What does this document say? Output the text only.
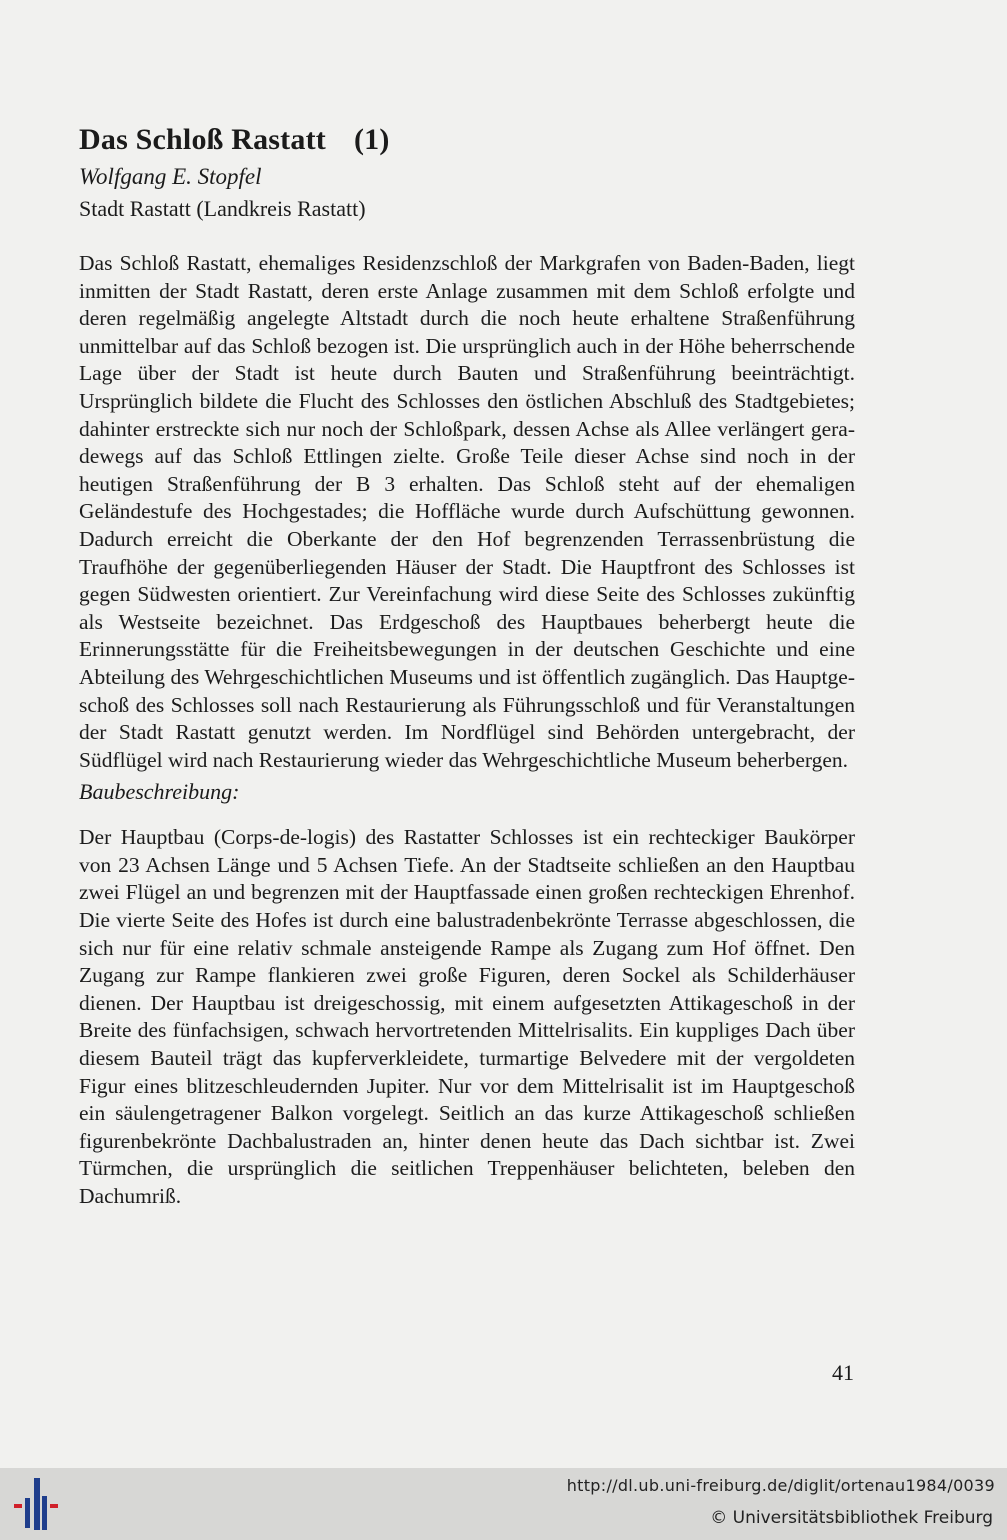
Das Schloß Rastatt (1)

Wolfgang E. Stopfel

Stadt Rastatt (Landkreis Rastatt)

Das Schloß Rastatt, ehemaliges Residenzschloß der Markgrafen von Baden-Baden, liegt inmitten der Stadt Rastatt, deren erste Anlage zusammen mit dem Schloß erfolgte und deren regelmäßig angelegte Altstadt durch die noch heute erhaltene Straßenführung unmittelbar auf das Schloß bezogen ist. Die ursprünglich auch in der Höhe beherrschende Lage über der Stadt ist heute durch Bauten und Straßenführung beeinträchtigt. Ursprünglich bildete die Flucht des Schlosses den östlichen Abschluß des Stadtgebietes; dahinter erstreckte sich nur noch der Schloßpark, dessen Achse als Allee verlängert geradewegs auf das Schloß Ettlingen zielte. Große Teile dieser Achse sind noch in der heutigen Straßenführung der B 3 erhalten. Das Schloß steht auf der ehemaligen Geländestufe des Hochgestades; die Hoffläche wurde durch Aufschüttung gewonnen. Dadurch erreicht die Oberkante der den Hof begrenzenden Terrassenbrüstung die Traufhöhe der gegenüberliegenden Häuser der Stadt. Die Hauptfront des Schlosses ist gegen Südwesten orientiert. Zur Vereinfachung wird diese Seite des Schlosses zukünftig als Westseite bezeichnet. Das Erdgeschoß des Hauptbaues beherbergt heute die Erinnerungsstätte für die Freiheitsbewegungen in der deutschen Geschichte und eine Abteilung des Wehrgeschichtlichen Museums und ist öffentlich zugänglich. Das Hauptgeschoß des Schlosses soll nach Restaurierung als Führungsschloß und für Veranstaltungen der Stadt Rastatt genutzt werden. Im Nordflügel sind Behörden untergebracht, der Südflügel wird nach Restaurierung wieder das Wehrgeschichtliche Museum beherbergen.

Baubeschreibung:

Der Hauptbau (Corps-de-logis) des Rastatter Schlosses ist ein rechteckiger Baukörper von 23 Achsen Länge und 5 Achsen Tiefe. An der Stadtseite schließen an den Hauptbau zwei Flügel an und begrenzen mit der Hauptfassade einen großen rechteckigen Ehrenhof. Die vierte Seite des Hofes ist durch eine balustradenbekrönte Terrasse abgeschlossen, die sich nur für eine relativ schmale ansteigende Rampe als Zugang zum Hof öffnet. Den Zugang zur Rampe flankieren zwei große Figuren, deren Sockel als Schilderhäuser dienen. Der Hauptbau ist dreigeschossig, mit einem aufgesetzten Attikageschoß in der Breite des fünfachsigen, schwach hervortretenden Mittelrisalits. Ein kuppliges Dach über diesem Bauteil trägt das kupferverkleidete, turmartige Belvedere mit der vergoldeten Figur eines blitzeschleudernden Jupiter. Nur vor dem Mittelrisalit ist im Hauptgeschoß ein säulengetragener Balkon vorgelegt. Seitlich an das kurze Attikageschoß schließen figurenbekrönte Dachbalustraden an, hinter denen heute das Dach sichtbar ist. Zwei Türmchen, die ursprünglich die seitlichen Treppenhäuser belichteten, beleben den Dachumriß.

41
http://dl.ub.uni-freiburg.de/diglit/ortenau1984/0039
© Universitätsbibliothek Freiburg
